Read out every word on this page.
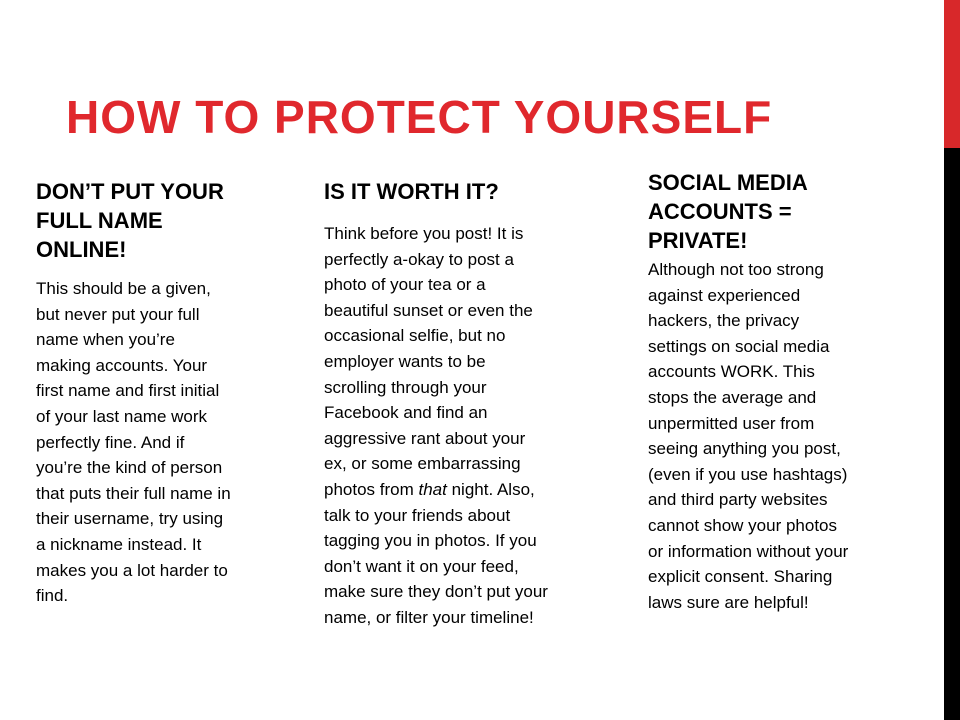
HOW TO PROTECT YOURSELF
DON’T PUT YOUR
FULL NAME
ONLINE!

This should be a given,
but never put your full
name when you’re
making accounts. Your
first name and first initial
of your last name work
perfectly fine. And if
you’re the kind of person
that puts their full name in
their username, try using
a nickname instead. It
makes you a lot harder to
find.

IS IT WORTH IT?

Think before you post! It is
perfectly a-okay to post a
photo of your tea or a
beautiful sunset or even the
occasional selfie, but no
employer wants to be
scrolling through your
Facebook and find an
aggressive rant about your
ex, or some embarrassing
photos from that night. Also,
talk to your friends about
tagging you in photos. If you
don’t want it on your feed,
make sure they don’t put your
name, or filter your timeline!

SOCIAL MEDIA
ACCOUNTS =
PRIVATE!

Although not too strong
against experienced
hackers, the privacy
settings on social media
accounts WORK. This
stops the average and
unpermitted user from
seeing anything you post,
(even if you use hashtags)
and third party websites
cannot show your photos
or information without your
explicit consent. Sharing
laws sure are helpful!
